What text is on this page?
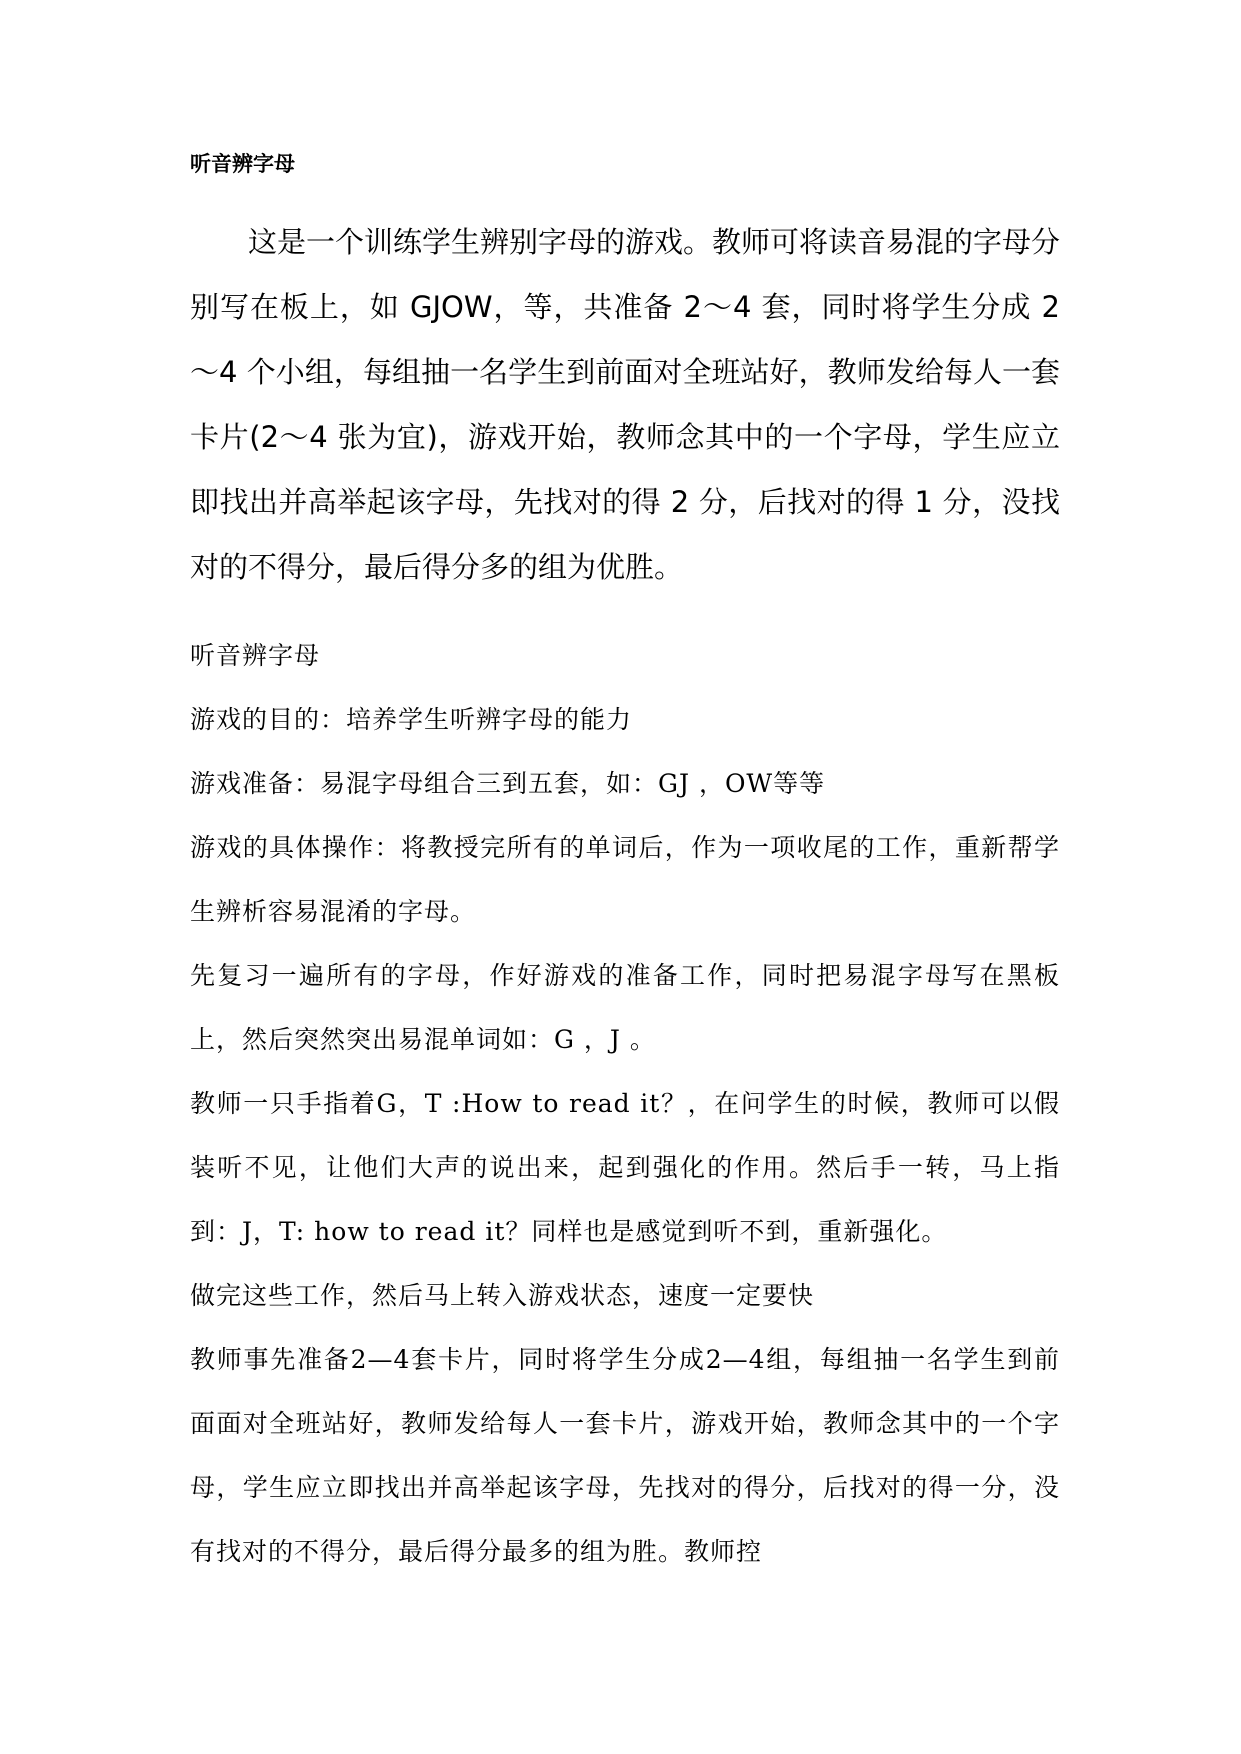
听音辨字母

这是一个训练学生辨别字母的游戏。教师可将读音易混的字母分别写在板上，如 GJOW，等，共准备 2～4 套，同时将学生分成 2～4 个小组，每组抽一名学生到前面对全班站好，教师发给每人一套卡片(2～4 张为宜)，游戏开始，教师念其中的一个字母，学生应立即找出并高举起该字母，先找对的得 2 分，后找对的得 1 分，没找对的不得分，最后得分多的组为优胜。

听音辨字母

游戏的目的：培养学生听辨字母的能力

游戏准备：易混字母组合三到五套，如：GJ ，OW等等

游戏的具体操作：将教授完所有的单词后，作为一项收尾的工作，重新帮学生辨析容易混淆的字母。

先复习一遍所有的字母，作好游戏的准备工作，同时把易混字母写在黑板上，然后突然突出易混单词如：G ，J 。

教师一只手指着G，T :How to read it？，在问学生的时候，教师可以假装听不见，让他们大声的说出来，起到强化的作用。然后手一转，马上指到：J，T: how to read it？同样也是感觉到听不到，重新强化。

做完这些工作，然后马上转入游戏状态，速度一定要快

教师事先准备2—4套卡片，同时将学生分成2—4组，每组抽一名学生到前面面对全班站好，教师发给每人一套卡片，游戏开始，教师念其中的一个字母，学生应立即找出并高举起该字母，先找对的得分，后找对的得一分，没有找对的不得分，最后得分最多的组为胜。教师控
